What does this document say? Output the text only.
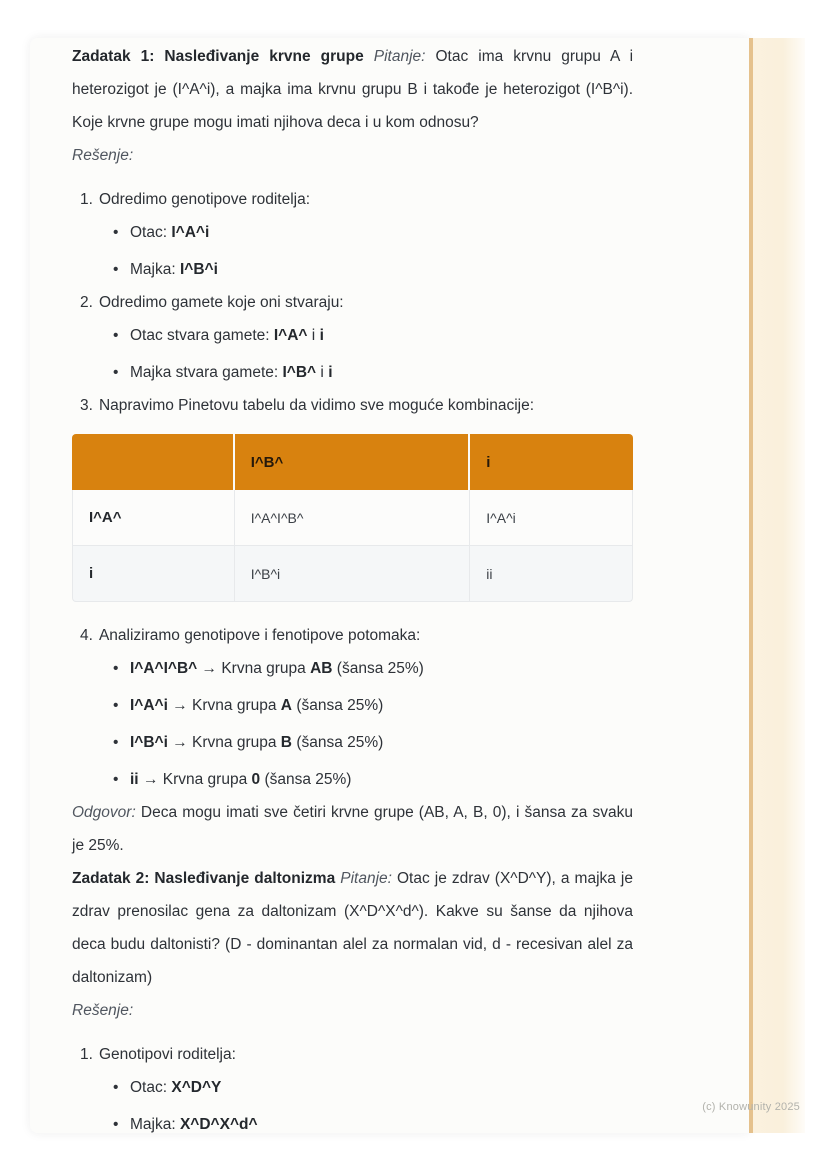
Zadatak 1: Nasleđivanje krvne grupe Pitanje: Otac ima krvnu grupu A i heterozigot je (I^A^i), a majka ima krvnu grupu B i takođe je heterozigot (I^B^i). Koje krvne grupe mogu imati njihova deca i u kom odnosu?

Rešenje:

1. Odredimo genotipove roditelja:
• Otac: I^A^i
• Majka: I^B^i
2. Odredimo gamete koje oni stvaraju:
• Otac stvara gamete: I^A^ i i
• Majka stvara gamete: I^B^ i i
3. Napravimo Pinetovu tabelu da vidimo sve moguće kombinacije:
	I^B^	i
I^A^	I^A^I^B^	I^A^i
i	I^B^i	ii
4. Analiziramo genotipove i fenotipove potomaka:
• I^A^I^B^ → Krvna grupa AB (šansa 25%)
• I^A^i → Krvna grupa A (šansa 25%)
• I^B^i → Krvna grupa B (šansa 25%)
• ii → Krvna grupa 0 (šansa 25%)

Odgovor: Deca mogu imati sve četiri krvne grupe (AB, A, B, 0), i šansa za svaku je 25%.

Zadatak 2: Nasleđivanje daltonizma Pitanje: Otac je zdrav (X^D^Y), a majka je zdrav prenosilac gena za daltonizam (X^D^X^d^). Kakve su šanse da njihova deca budu daltonisti? (D - dominantan alel za normalan vid, d - recesivan alel za daltonizam)

Rešenje:

1. Genotipovi roditelja:
• Otac: X^D^Y
• Majka: X^D^X^d^
(c) Knowunity 2025
